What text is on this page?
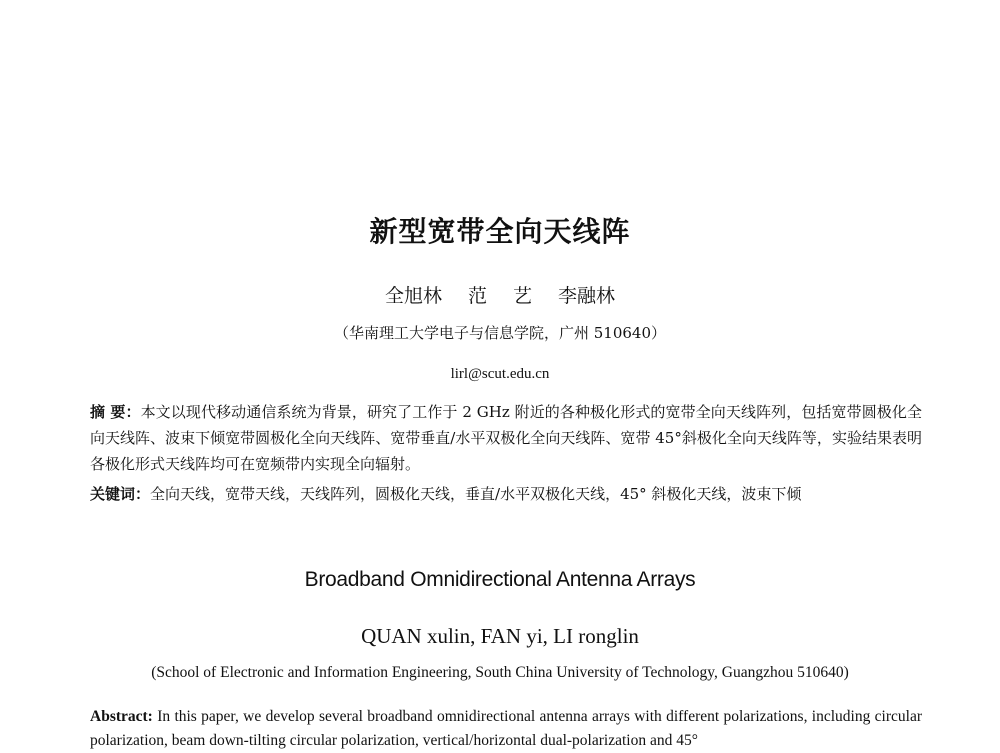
新型宽带全向天线阵
全旭林 范 艺 李融林
（华南理工大学电子与信息学院，广州 510640）
lirl@scut.edu.cn
摘 要：本文以现代移动通信系统为背景，研究了工作于 2 GHz 附近的各种极化形式的宽带全向天线阵列，包括宽带圆极化全向天线阵、波束下倾宽带圆极化全向天线阵、宽带垂直/水平双极化全向天线阵、宽带 45°斜极化全向天线阵等，实验结果表明各极化形式天线阵均可在宽频带内实现全向辐射。
关键词：全向天线，宽带天线，天线阵列，圆极化天线，垂直/水平双极化天线，45° 斜极化天线，波束下倾
Broadband Omnidirectional Antenna Arrays
QUAN xulin, FAN yi, LI ronglin
(School of Electronic and Information Engineering, South China University of Technology, Guangzhou 510640)
Abstract: In this paper, we develop several broadband omnidirectional antenna arrays with different polarizations, including circular polarization, beam down-tilting circular polarization, vertical/horizontal dual-polarization and 45°
